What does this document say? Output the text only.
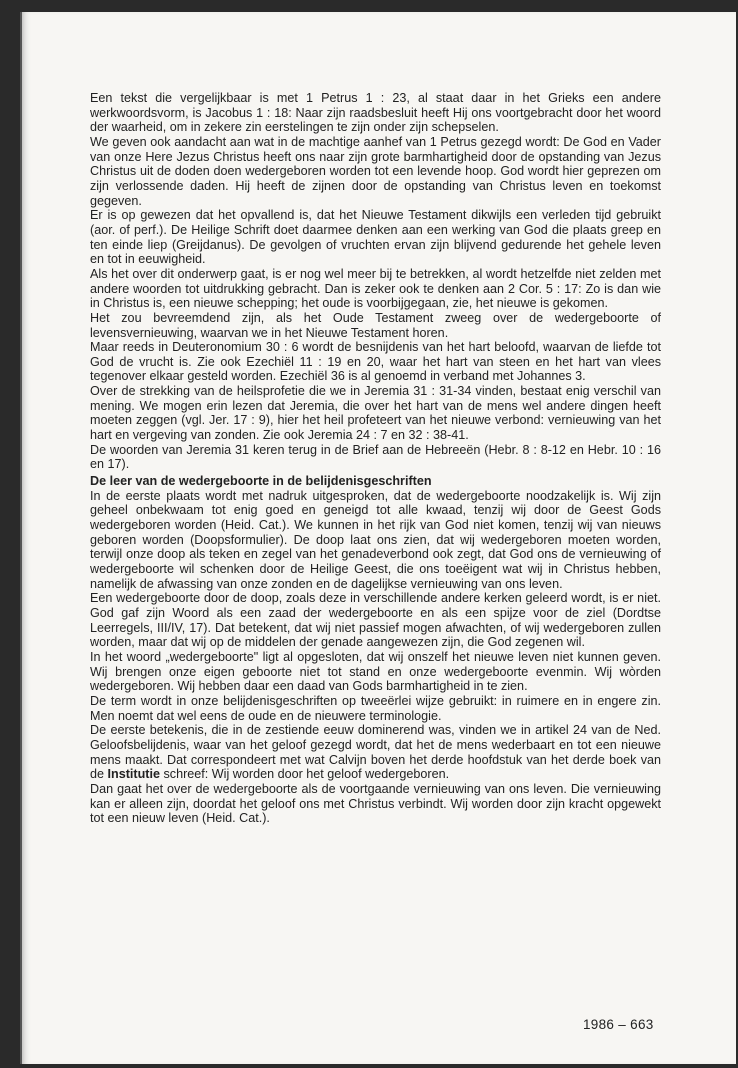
Een tekst die vergelijkbaar is met 1 Petrus 1 : 23, al staat daar in het Grieks een andere werkwoordsvorm, is Jacobus 1 : 18: Naar zijn raadsbesluit heeft Hij ons voortgebracht door het woord der waarheid, om in zekere zin eerstelingen te zijn onder zijn schepselen.

We geven ook aandacht aan wat in de machtige aanhef van 1 Petrus gezegd wordt: De God en Vader van onze Here Jezus Christus heeft ons naar zijn grote barmhartigheid door de opstanding van Jezus Christus uit de doden doen wedergeboren worden tot een levende hoop. God wordt hier geprezen om zijn verlossende daden. Hij heeft de zijnen door de opstanding van Christus leven en toekomst gegeven.

Er is op gewezen dat het opvallend is, dat het Nieuwe Testament dikwijls een verleden tijd gebruikt (aor. of perf.). De Heilige Schrift doet daarmee denken aan een werking van God die plaats greep en ten einde liep (Greijdanus). De gevolgen of vruchten ervan zijn blijvend gedurende het gehele leven en tot in eeuwigheid.

Als het over dit onderwerp gaat, is er nog wel meer bij te betrekken, al wordt hetzelfde niet zelden met andere woorden tot uitdrukking gebracht. Dan is zeker ook te denken aan 2 Cor. 5 : 17: Zo is dan wie in Christus is, een nieuwe schepping; het oude is voorbijgegaan, zie, het nieuwe is gekomen.

Het zou bevreemdend zijn, als het Oude Testament zweeg over de wedergeboorte of levensvernieuwing, waarvan we in het Nieuwe Testament horen.

Maar reeds in Deuteronomium 30 : 6 wordt de besnijdenis van het hart beloofd, waarvan de liefde tot God de vrucht is. Zie ook Ezechiël 11 : 19 en 20, waar het hart van steen en het hart van vlees tegenover elkaar gesteld worden. Ezechiël 36 is al genoemd in verband met Johannes 3.

Over de strekking van de heilsprofetie die we in Jeremia 31 : 31-34 vinden, bestaat enig verschil van mening. We mogen erin lezen dat Jeremia, die over het hart van de mens wel andere dingen heeft moeten zeggen (vgl. Jer. 17 : 9), hier het heil profeteert van het nieuwe verbond: vernieuwing van het hart en vergeving van zonden. Zie ook Jeremia 24 : 7 en 32 : 38-41.

De woorden van Jeremia 31 keren terug in de Brief aan de Hebreeën (Hebr. 8 : 8-12 en Hebr. 10 : 16 en 17).

De leer van de wedergeboorte in de belijdenisgeschriften

In de eerste plaats wordt met nadruk uitgesproken, dat de wedergeboorte noodzakelijk is. Wij zijn geheel onbekwaam tot enig goed en geneigd tot alle kwaad, tenzij wij door de Geest Gods wedergeboren worden (Heid. Cat.). We kunnen in het rijk van God niet komen, tenzij wij van nieuws geboren worden (Doopsformulier). De doop laat ons zien, dat wij wedergeboren moeten worden, terwijl onze doop als teken en zegel van het genadeverbond ook zegt, dat God ons de vernieuwing of wedergeboorte wil schenken door de Heilige Geest, die ons toeëigent wat wij in Christus hebben, namelijk de afwassing van onze zonden en de dagelijkse vernieuwing van ons leven.

Een wedergeboorte door de doop, zoals deze in verschillende andere kerken geleerd wordt, is er niet. God gaf zijn Woord als een zaad der wedergeboorte en als een spijze voor de ziel (Dordtse Leerregels, III/IV, 17). Dat betekent, dat wij niet passief mogen afwachten, of wij wedergeboren zullen worden, maar dat wij op de middelen der genade aangewezen zijn, die God zegenen wil.

In het woord „wedergeboorte" ligt al opgesloten, dat wij onszelf het nieuwe leven niet kunnen geven. Wij brengen onze eigen geboorte niet tot stand en onze wedergeboorte evenmin. Wij wòrden wedergeboren. Wij hebben daar een daad van Gods barmhartigheid in te zien.

De term wordt in onze belijdenisgeschriften op tweeërlei wijze gebruikt: in ruimere en in engere zin. Men noemt dat wel eens de oude en de nieuwere terminologie.

De eerste betekenis, die in de zestiende eeuw dominerend was, vinden we in artikel 24 van de Ned. Geloofsbelijdenis, waar van het geloof gezegd wordt, dat het de mens wederbaart en tot een nieuwe mens maakt. Dat correspondeert met wat Calvijn boven het derde hoofdstuk van het derde boek van de Institutie schreef: Wij worden door het geloof wedergeboren.

Dan gaat het over de wedergeboorte als de voortgaande vernieuwing van ons leven. Die vernieuwing kan er alleen zijn, doordat het geloof ons met Christus verbindt. Wij worden door zijn kracht opgewekt tot een nieuw leven (Heid. Cat.).

1986 – 663
